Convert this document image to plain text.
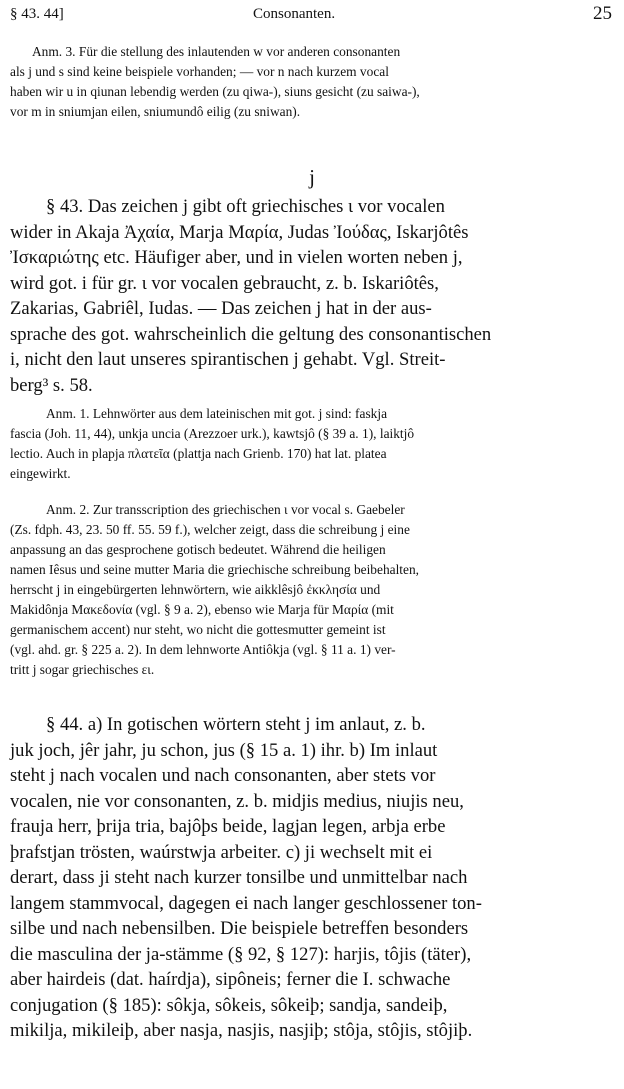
§ 43. 44]	Consonanten.	25
Anm. 3. Für die stellung des inlautenden w vor anderen consonanten
als j und s sind keine beispiele vorhanden; — vor n nach kurzem vocal
haben wir u in qiunan lebendig werden (zu qiwa-), siuns gesicht (zu saiwa-),
vor m in sniumjan eilen, sniumundô eilig (zu sniwan).
j
§ 43. Das zeichen j gibt oft griechisches ι vor vocalen
wider in Akaja Ἀχαία, Marja Μαρία, Judas Ἰούδας, Iskarjôtês
Ἰσκαριώτης etc. Häufiger aber, und in vielen worten neben j,
wird got. i für gr. ι vor vocalen gebraucht, z. b. Iskariôtês,
Zakarias, Gabriêl, Iudas. — Das zeichen j hat in der aus-
sprache des got. wahrscheinlich die geltung des consonantischen
i, nicht den laut unseres spirantischen j gehabt. Vgl. Streit-
berg³ s. 58.
Anm. 1. Lehnwörter aus dem lateinischen mit got. j sind: faskja
fascia (Joh. 11, 44), unkja uncia (Arezzoer urk.), kawtsjô (§ 39 a. 1), laiktjô
lectio. Auch in plapja πλατεῖα (plattja nach Grienb. 170) hat lat. platea
eingewirkt.
Anm. 2. Zur transscription des griechischen ι vor vocal s. Gaebeler
(Zs. fdph. 43, 23. 50 ff. 55. 59 f.), welcher zeigt, dass die schreibung j eine
anpassung an das gesprochene gotisch bedeutet. Während die heiligen
namen Iêsus und seine mutter Maria die griechische schreibung beibehalten,
herrscht j in eingebürgerten lehnwörtern, wie aikklêsjô ἐκκλησία und
Makidônja Μακεδονία (vgl. § 9 a. 2), ebenso wie Marja für Μαρία (mit
germanischem accent) nur steht, wo nicht die gottesmutter gemeint ist
(vgl. ahd. gr. § 225 a. 2). In dem lehnworte Antiôkja (vgl. § 11 a. 1) ver-
tritt j sogar griechisches ει.
§ 44. a) In gotischen wörtern steht j im anlaut, z. b.
juk joch, jêr jahr, ju schon, jus (§ 15 a. 1) ihr. b) Im inlaut
steht j nach vocalen und nach consonanten, aber stets vor
vocalen, nie vor consonanten, z. b. midjis medius, niujis neu,
frauja herr, þrija tria, bajôþs beide, lagjan legen, arbja erbe
þrafstjan trösten, waúrstwja arbeiter. c) ji wechselt mit ei
derart, dass ji steht nach kurzer tonsilbe und unmittelbar nach
langem stammvocal, dagegen ei nach langer geschlossener ton-
silbe und nach nebensilben. Die beispiele betreffen besonders
die masculina der ja-stämme (§ 92, § 127): harjis, tôjis (täter),
aber hairdeis (dat. haírdja), sipôneis; ferner die I. schwache
conjugation (§ 185): sôkja, sôkeis, sôkeiþ; sandja, sandeiþ,
mikilja, mikileiþ, aber nasja, nasjis, nasjiþ; stôja, stôjis, stôjiþ.
